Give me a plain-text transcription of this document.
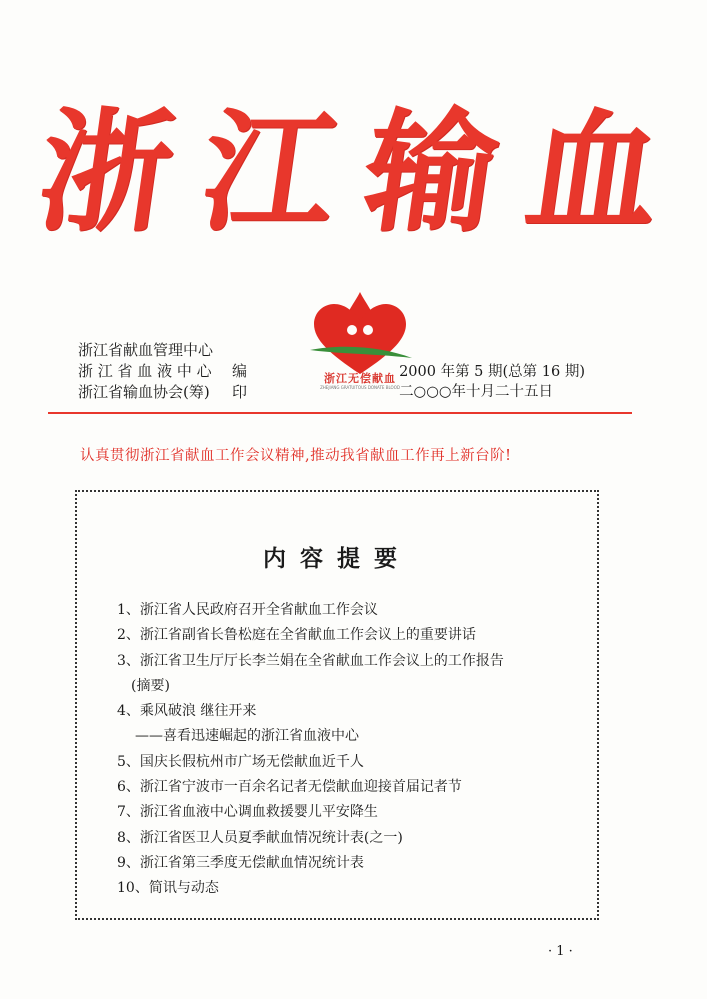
浙 江 输 血
浙江无偿献血
ZHEJIANG GRATUITOUS DONATE BLOOD
浙江省献血管理中心
浙 江 省 血 液 中 心
浙江省输血协会(筹)
编印
2000 年第 5 期(总第 16 期)
二○○○年十月二十五日
认真贯彻浙江省献血工作会议精神,推动我省献血工作再上新台阶!
内容提要
1、浙江省人民政府召开全省献血工作会议
2、浙江省副省长鲁松庭在全省献血工作会议上的重要讲话
3、浙江省卫生厅厅长李兰娟在全省献血工作会议上的工作报告
(摘要)
4、乘风破浪 继往开来
——喜看迅速崛起的浙江省血液中心
5、国庆长假杭州市广场无偿献血近千人
6、浙江省宁波市一百余名记者无偿献血迎接首届记者节
7、浙江省血液中心调血救援婴儿平安降生
8、浙江省医卫人员夏季献血情况统计表(之一)
9、浙江省第三季度无偿献血情况统计表
10、简讯与动态
· 1 ·
